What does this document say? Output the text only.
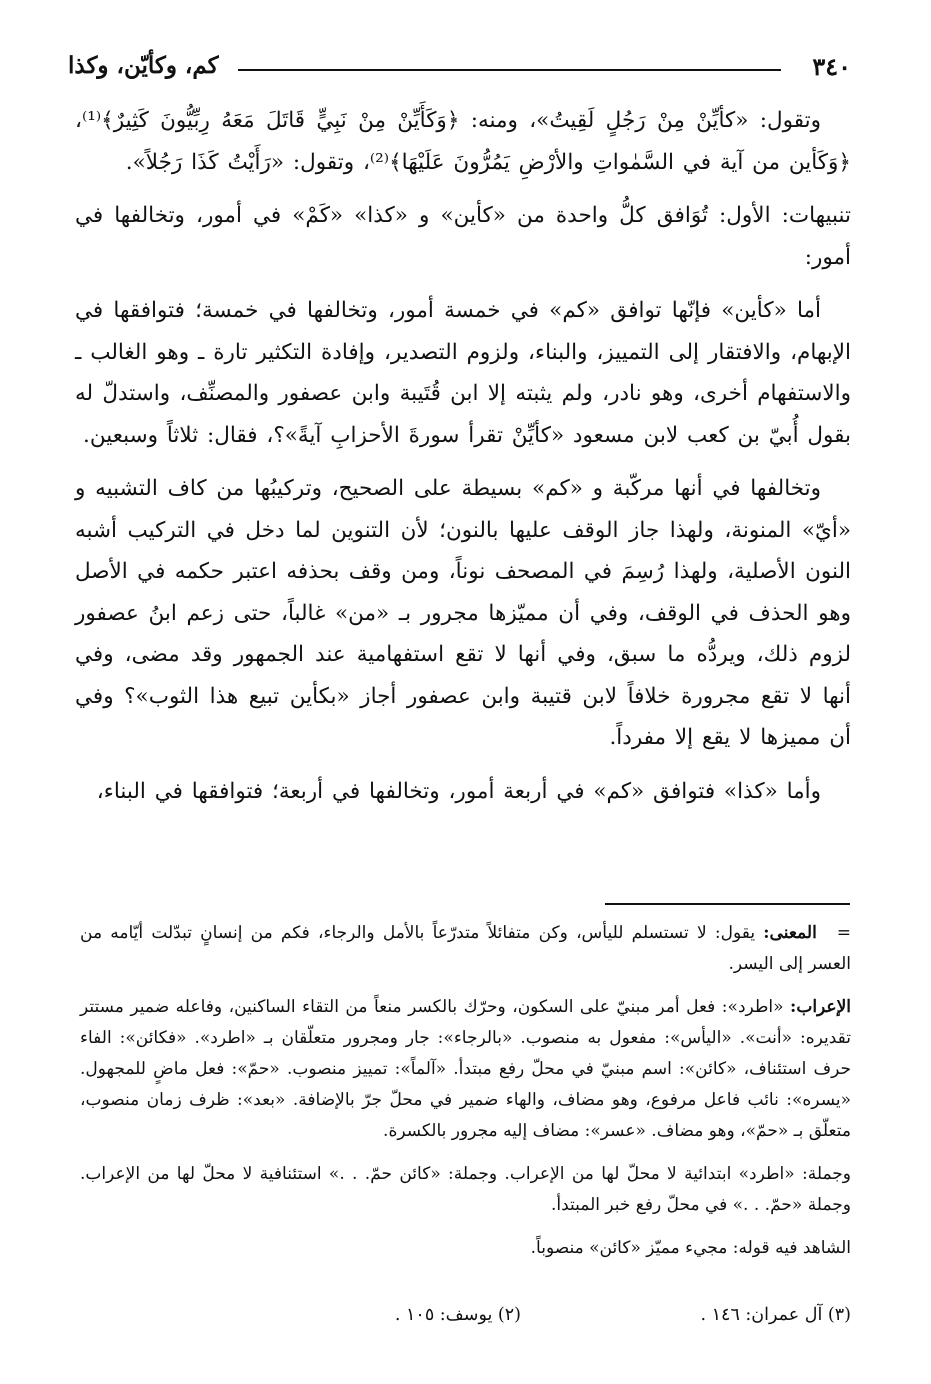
٣٤٠
كم، وكأيّن، وكذا

وتقول: «كأيِّنْ مِنْ رَجُلٍ لَقِيتُ»، ومنه: ﴿وَكَأَيِّنْ مِنْ نَبِيٍّ قَاتَلَ مَعَهُ رِبِّيُّونَ كَثِيرٌ﴾⁽¹⁾، ﴿وَكَأين من آية في السَّمٰواتِ والأرْضِ يَمُرُّونَ عَلَيْهَا﴾⁽²⁾، وتقول: «رَأَيْتُ كَذَا رَجُلاً».

تنبيهات: الأول: تُوَافق كلُّ واحدة من «كأين» و «كذا» «كَمْ» في أمور، وتخالفها في أمور:

أما «كأين» فإنّها توافق «كم» في خمسة أمور، وتخالفها في خمسة؛ فتوافقها في الإبهام، والافتقار إلى التمييز، والبناء، ولزوم التصدير، وإفادة التكثير تارة ـ وهو الغالب ـ والاستفهام أخرى، وهو نادر، ولم يثبته إلا ابن قُتَيبة وابن عصفور والمصنِّف، واستدلّ له بقول أُبيّ بن كعب لابن مسعود «كأيِّنْ تقرأ سورةَ الأحزابِ آيةً»؟، فقال: ثلاثاً وسبعين.

وتخالفها في أنها مركّبة و «كم» بسيطة على الصحيح، وتركيبُها من كاف التشبيه و «أيّ» المنونة، ولهذا جاز الوقف عليها بالنون؛ لأن التنوين لما دخل في التركيب أشبه النون الأصلية، ولهذا رُسِمَ في المصحف نوناً، ومن وقف بحذفه اعتبر حكمه في الأصل وهو الحذف في الوقف، وفي أن مميّزها مجرور بـ «من» غالباً، حتى زعم ابنُ عصفور لزوم ذلك، ويردُّه ما سبق، وفي أنها لا تقع استفهامية عند الجمهور وقد مضى، وفي أنها لا تقع مجرورة خلافاً لابن قتيبة وابن عصفور أجاز «بكأين تبيع هذا الثوب»؟ وفي أن مميزها لا يقع إلا مفرداً.

وأما «كذا» فتوافق «كم» في أربعة أمور، وتخالفها في أربعة؛ فتوافقها في البناء،

= المعنى: يقول: لا تستسلم لليأس، وكن متفائلاً متدرّعاً بالأمل والرجاء، فكم من إنسانٍ تبدّلت أيّامه من العسر إلى اليسر.

الإعراب: «اطرد»: فعل أمر مبنيّ على السكون، وحرّك بالكسر منعاً من التقاء الساكنين، وفاعله ضمير مستتر تقديره: «أنت». «اليأس»: مفعول به منصوب. «بالرجاء»: جار ومجرور متعلّقان بـ «اطرد». «فكائن»: الفاء حرف استئناف، «كائن»: اسم مبنيّ في محلّ رفع مبتدأ. «آلماً»: تمييز منصوب. «حمّ»: فعل ماضٍ للمجهول. «يسره»: نائب فاعل مرفوع، وهو مضاف، والهاء ضمير في محلّ جرّ بالإضافة. «بعد»: ظرف زمان منصوب، متعلّق بـ «حمّ»، وهو مضاف. «عسر»: مضاف إليه مجرور بالكسرة.

وجملة: «اطرد» ابتدائية لا محلّ لها من الإعراب. وجملة: «كائن حمّ. . .» استئنافية لا محلّ لها من الإعراب. وجملة «حمّ. . .» في محلّ رفع خبر المبتدأ.

الشاهد فيه قوله: مجيء مميّز «كائن» منصوباً.

(٣) آل عمران: ١٤٦ .
(٢) يوسف: ١٠٥ .
